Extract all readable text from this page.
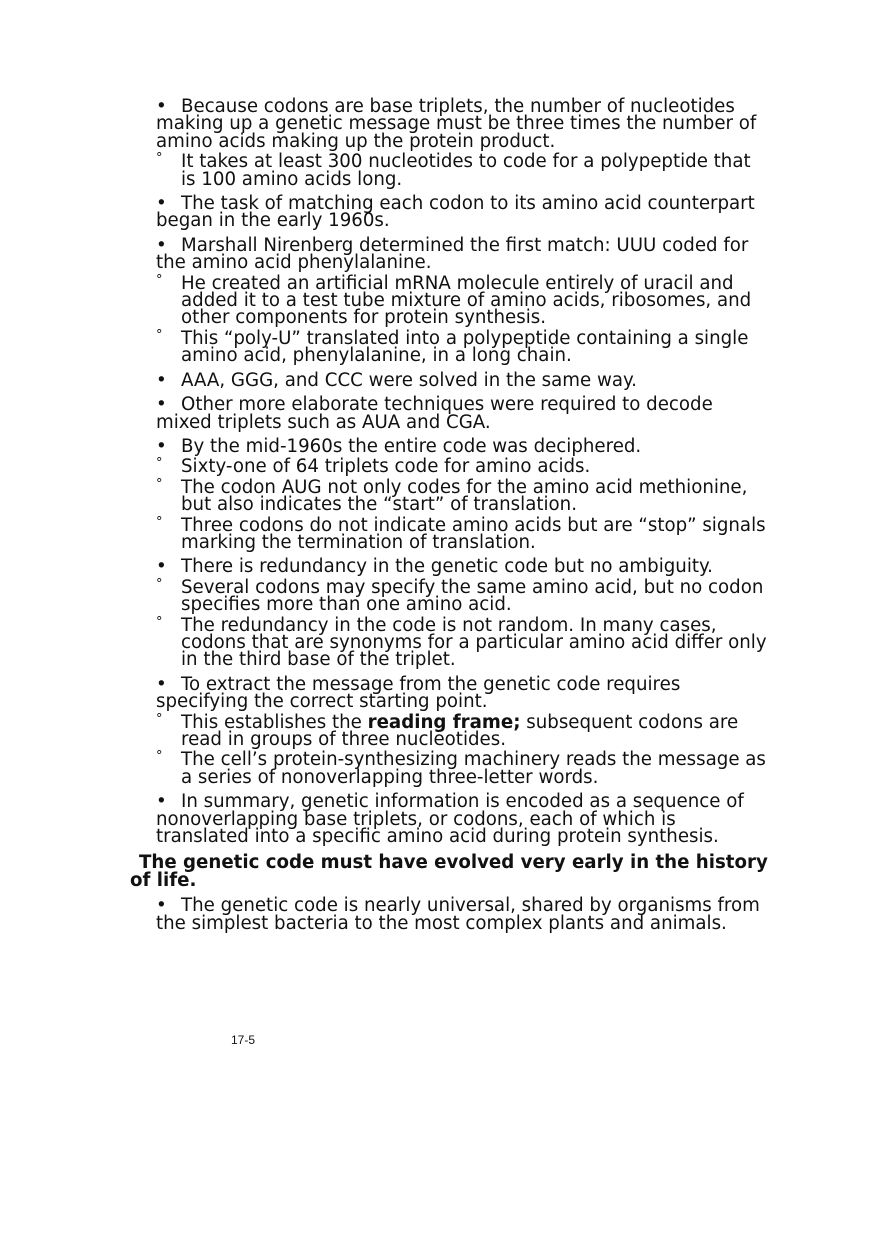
• Because codons are base triplets, the number of nucleotides making up a genetic message must be three times the number of amino acids making up the protein product.

° It takes at least 300 nucleotides to code for a polypeptide that is 100 amino acids long.

• The task of matching each codon to its amino acid counterpart began in the early 1960s.

• Marshall Nirenberg determined the first match: UUU coded for the amino acid phenylalanine.

° He created an artificial mRNA molecule entirely of uracil and added it to a test tube mixture of amino acids, ribosomes, and other components for protein synthesis.

° This “poly-U” translated into a polypeptide containing a single amino acid, phenylalanine, in a long chain.

• AAA, GGG, and CCC were solved in the same way.

• Other more elaborate techniques were required to decode mixed triplets such as AUA and CGA.

• By the mid-1960s the entire code was deciphered.

° Sixty-one of 64 triplets code for amino acids.

° The codon AUG not only codes for the amino acid methionine, but also indicates the “start” of translation.

° Three codons do not indicate amino acids but are “stop” signals marking the termination of translation.

• There is redundancy in the genetic code but no ambiguity.

° Several codons may specify the same amino acid, but no codon specifies more than one amino acid.

° The redundancy in the code is not random. In many cases, codons that are synonyms for a particular amino acid differ only in the third base of the triplet.

• To extract the message from the genetic code requires specifying the correct starting point.

° This establishes the reading frame; subsequent codons are read in groups of three nucleotides.

° The cell’s protein-synthesizing machinery reads the message as a series of nonoverlapping three-letter words.

• In summary, genetic information is encoded as a sequence of nonoverlapping base triplets, or codons, each of which is translated into a specific amino acid during protein synthesis.

The genetic code must have evolved very early in the history of life.

• The genetic code is nearly universal, shared by organisms from the simplest bacteria to the most complex plants and animals.

17-5
